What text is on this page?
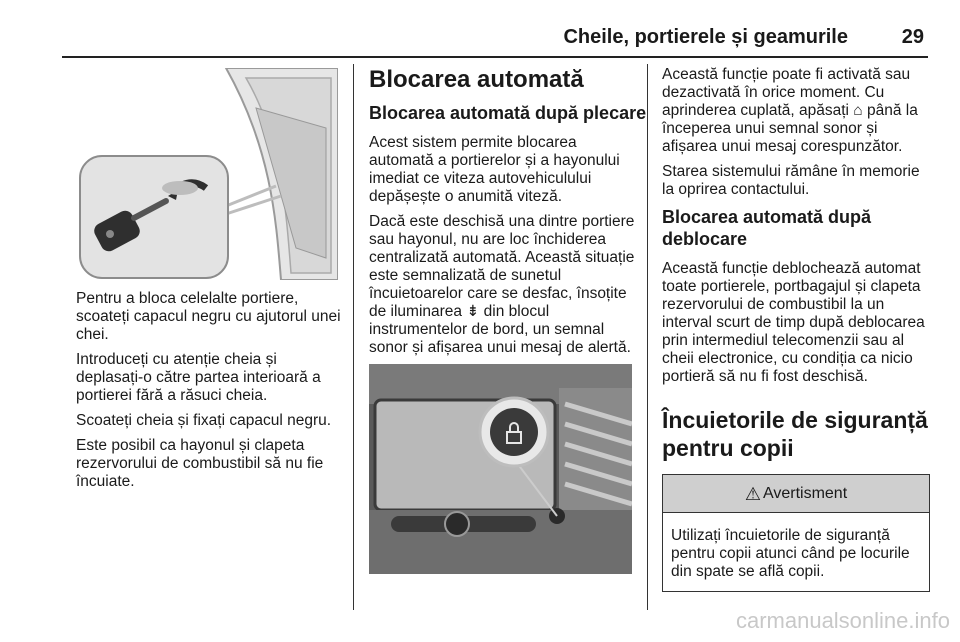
Cheile, portierele și geamurile	29

Pentru a bloca celelalte portiere, scoateți capacul negru cu ajutorul unei chei.

Introduceți cu atenție cheia și deplasați-o către partea interioară a portierei fără a răsuci cheia.

Scoateți cheia și fixați capacul negru.

Este posibil ca hayonul și clapeta rezervorului de combustibil să nu fie încuiate.

Blocarea automată
Blocarea automată după plecare

Acest sistem permite blocarea automată a portierelor și a hayonului imediat ce viteza autovehiculului depășește o anumită viteză.

Dacă este deschisă una dintre portiere sau hayonul, nu are loc închiderea centralizată automată. Această situație este semnalizată de sunetul încuietoarelor care se desfac, însoțite de iluminarea ⇟ din blocul instrumentelor de bord, un semnal sonor și afișarea unui mesaj de alertă.

Această funcție poate fi activată sau dezactivată în orice moment. Cu aprinderea cuplată, apăsați ⌂ până la începerea unui semnal sonor și afișarea unui mesaj corespunzător.

Starea sistemului rămâne în memorie la oprirea contactului.

Blocarea automată după deblocare

Această funcție deblochează automat toate portierele, portbagajul și clapeta rezervorului de combustibil la un interval scurt de timp după deblocarea prin intermediul telecomenzii sau al cheii electronice, cu condiția ca nicio portieră să nu fi fost deschisă.

Încuietorile de siguranță pentru copii
⚠ Avertisment
Utilizați încuietorile de siguranță pentru copii atunci când pe locurile din spate se află copii.
carmanualsonline.info
